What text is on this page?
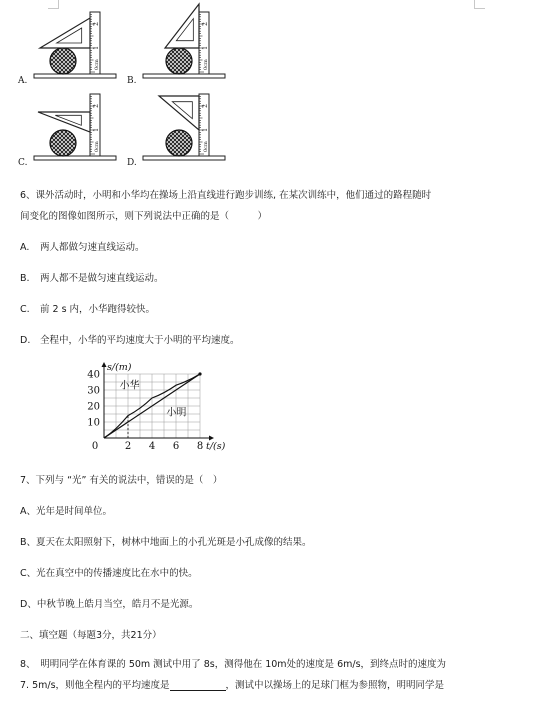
A.
2
1
0cm
B.
2
1
0cm
C.
2
1
0cm
D.
2
1
0cm
6、课外活动时，小明和小华均在操场上沿直线进行跑步训练, 在某次训练中，他们通过的路程随时
间变化的图像如图所示，则下列说法中正确的是（　　　）
A. 两人都做匀速直线运动。
B. 两人都不是做匀速直线运动。
C. 前 2 s 内，小华跑得较快。
D. 全程中，小华的平均速度大于小明的平均速度。
0	2 4 6 8
10
20
30
40
t/(s)
s/(m)
小华
小明
7、下列与 “光” 有关的说法中，错误的是（　）
A、光年是时间单位。
B、夏天在太阳照射下，树林中地面上的小孔光斑是小孔成像的结果。
C、光在真空中的传播速度比在水中的快。
D、中秋节晚上皓月当空，皓月不是光源。
二、填空题（每题3分，共21分）
8、　明明同学在体育课的 50m 测试中用了 8s，测得他在 10m处的速度是 6m/s，到终点时的速度为
7. 5m/s，则他全程内的平均速度是	，测试中以操场上的足球门框为参照物，明明同学是
